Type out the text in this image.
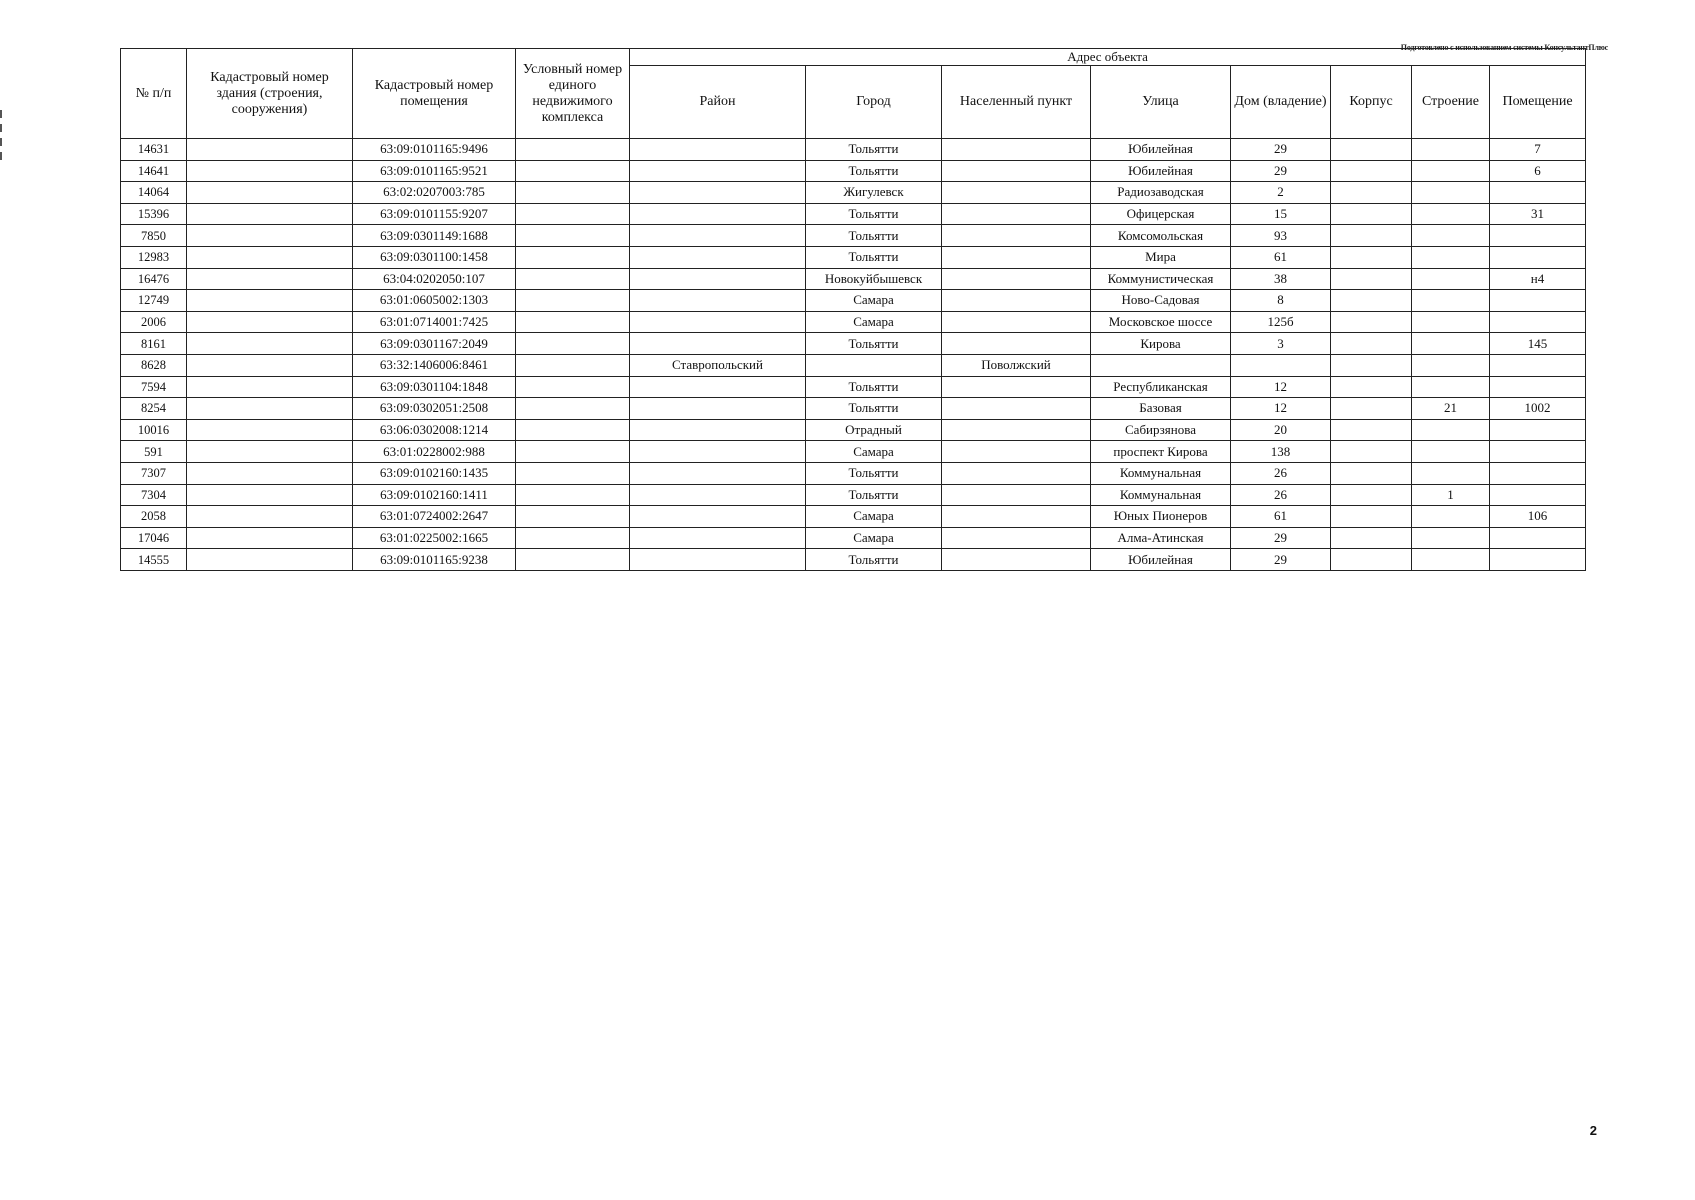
Подготовлено с использованием системы КонсультантПлюс
№ п/п	Кадастровый номер здания (строения, сооружения)	Кадастровый номер помещения	Условный номер единого недвижимого комплекса	Адрес объекта							
				Район	Город	Населенный пункт	Улица	Дом (владение)	Корпус	Строение	Помещение
14631		63:09:0101165:9496			Тольятти		Юбилейная	29			7
14641		63:09:0101165:9521			Тольятти		Юбилейная	29			6
14064		63:02:0207003:785			Жигулевск		Радиозаводская	2			
15396		63:09:0101155:9207			Тольятти		Офицерская	15			31
7850		63:09:0301149:1688			Тольятти		Комсомольская	93			
12983		63:09:0301100:1458			Тольятти		Мира	61			
16476		63:04:0202050:107			Новокуйбышевск		Коммунистическая	38			н4
12749		63:01:0605002:1303			Самара		Ново-Садовая	8			
2006		63:01:0714001:7425			Самара		Московское шоссе	125б			
8161		63:09:0301167:2049			Тольятти		Кирова	3			145
8628		63:32:1406006:8461		Ставропольский		Поволжский					
7594		63:09:0301104:1848			Тольятти		Республиканская	12			
8254		63:09:0302051:2508			Тольятти		Базовая	12		21	1002
10016		63:06:0302008:1214			Отрадный		Сабирзянова	20			
591		63:01:0228002:988			Самара		проспект Кирова	138			
7307		63:09:0102160:1435			Тольятти		Коммунальная	26			
7304		63:09:0102160:1411			Тольятти		Коммунальная	26		1	
2058		63:01:0724002:2647			Самара		Юных Пионеров	61			106
17046		63:01:0225002:1665			Самара		Алма-Атинская	29			
14555		63:09:0101165:9238			Тольятти		Юбилейная	29			
2
